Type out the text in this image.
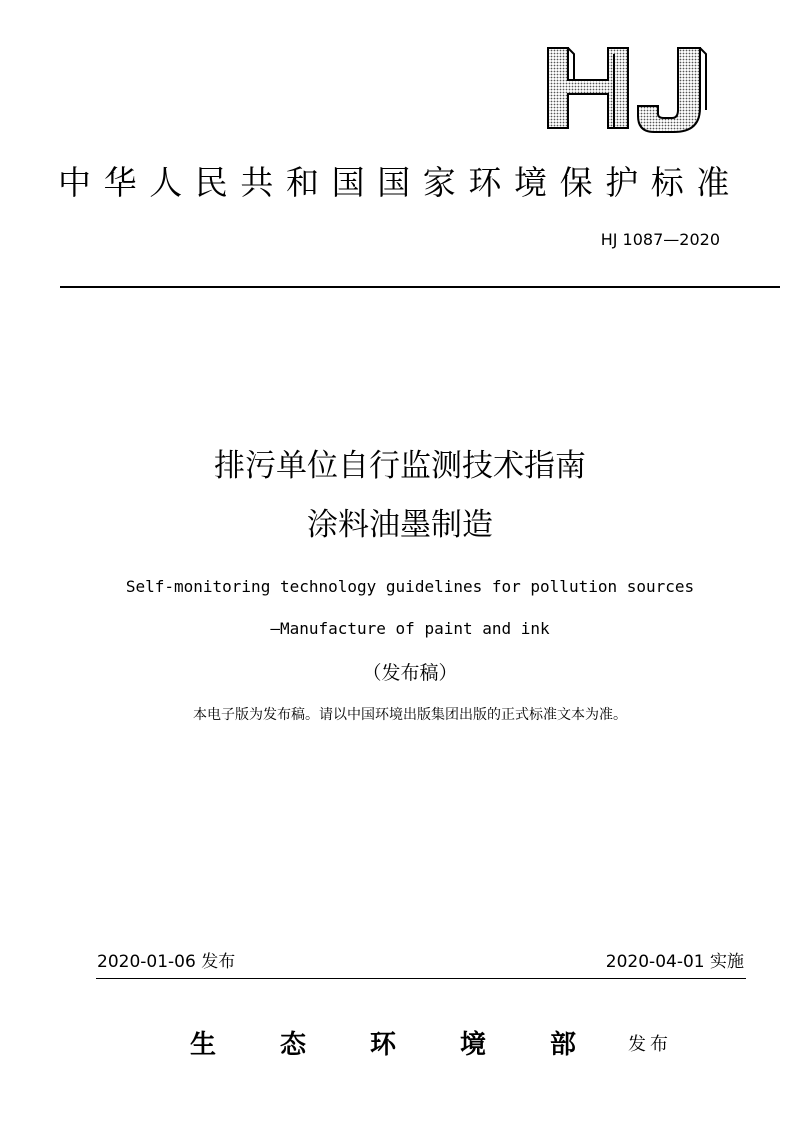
中华人民共和国国家环境保护标准
HJ 1087—2020
排污单位自行监测技术指南
涂料油墨制造
Self-monitoring technology guidelines for pollution sources
—Manufacture of paint and ink
（发布稿）
本电子版为发布稿。请以中国环境出版集团出版的正式标准文本为准。
2020-01-06 发布	2020-04-01 实施
生态环境部
发布
